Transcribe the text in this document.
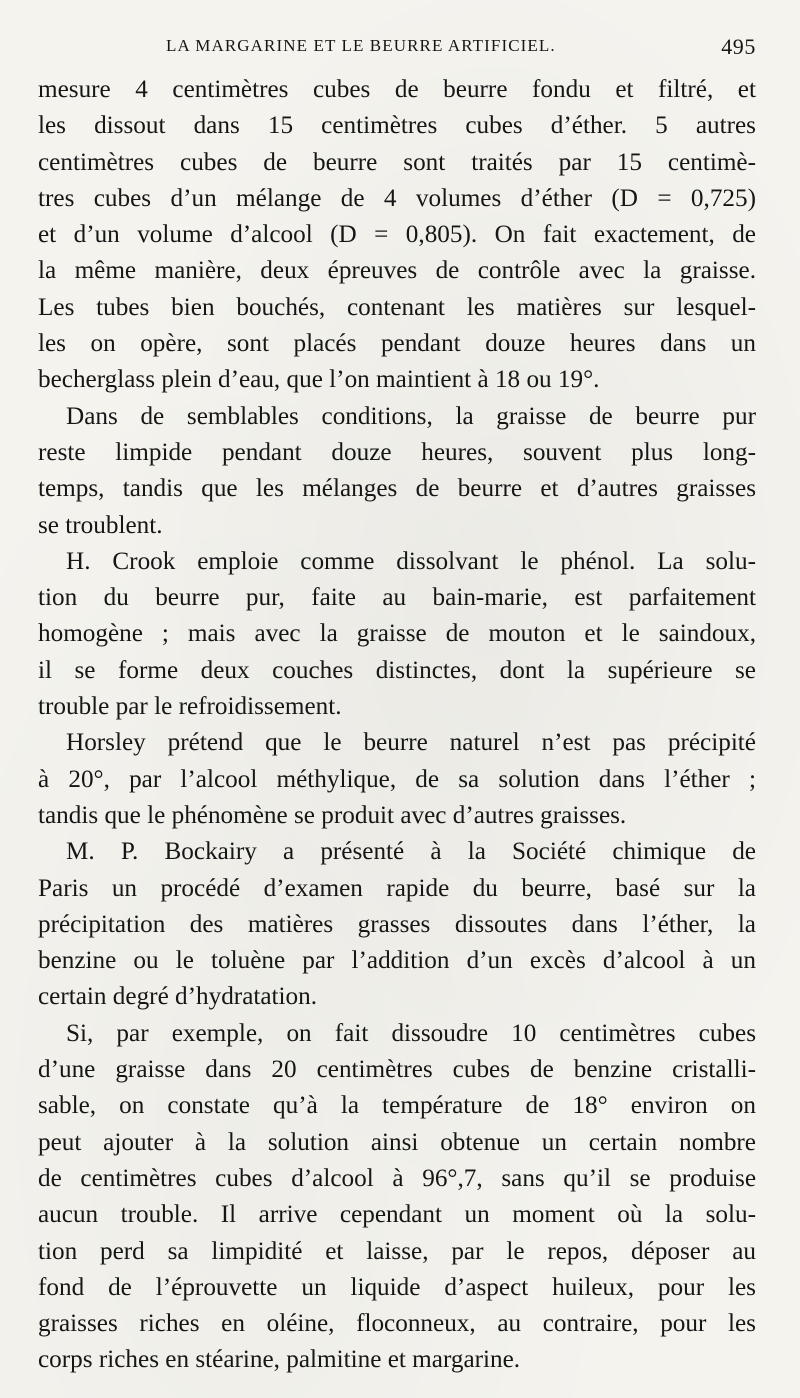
LA MARGARINE ET LE BEURRE ARTIFICIEL.	495
mesure 4 centimètres cubes de beurre fondu et filtré, et
les dissout dans 15 centimètres cubes d’éther. 5 autres
centimètres cubes de beurre sont traités par 15 centimè-
tres cubes d’un mélange de 4 volumes d’éther (D = 0,725)
et d’un volume d’alcool (D = 0,805). On fait exactement, de
la même manière, deux épreuves de contrôle avec la graisse.
Les tubes bien bouchés, contenant les matières sur lesquel-
les on opère, sont placés pendant douze heures dans un
becherglass plein d’eau, que l’on maintient à 18 ou 19°.
Dans de semblables conditions, la graisse de beurre pur
reste limpide pendant douze heures, souvent plus long-
temps, tandis que les mélanges de beurre et d’autres graisses
se troublent.
H. Crook emploie comme dissolvant le phénol. La solu-
tion du beurre pur, faite au bain-marie, est parfaitement
homogène ; mais avec la graisse de mouton et le saindoux,
il se forme deux couches distinctes, dont la supérieure se
trouble par le refroidissement.
Horsley prétend que le beurre naturel n’est pas précipité
à 20°, par l’alcool méthylique, de sa solution dans l’éther ;
tandis que le phénomène se produit avec d’autres graisses.
M. P. Bockairy a présenté à la Société chimique de
Paris un procédé d’examen rapide du beurre, basé sur la
précipitation des matières grasses dissoutes dans l’éther, la
benzine ou le toluène par l’addition d’un excès d’alcool à un
certain degré d’hydratation.
Si, par exemple, on fait dissoudre 10 centimètres cubes
d’une graisse dans 20 centimètres cubes de benzine cristalli-
sable, on constate qu’à la température de 18° environ on
peut ajouter à la solution ainsi obtenue un certain nombre
de centimètres cubes d’alcool à 96°,7, sans qu’il se produise
aucun trouble. Il arrive cependant un moment où la solu-
tion perd sa limpidité et laisse, par le repos, déposer au
fond de l’éprouvette un liquide d’aspect huileux, pour les
graisses riches en oléine, floconneux, au contraire, pour les
corps riches en stéarine, palmitine et margarine.
